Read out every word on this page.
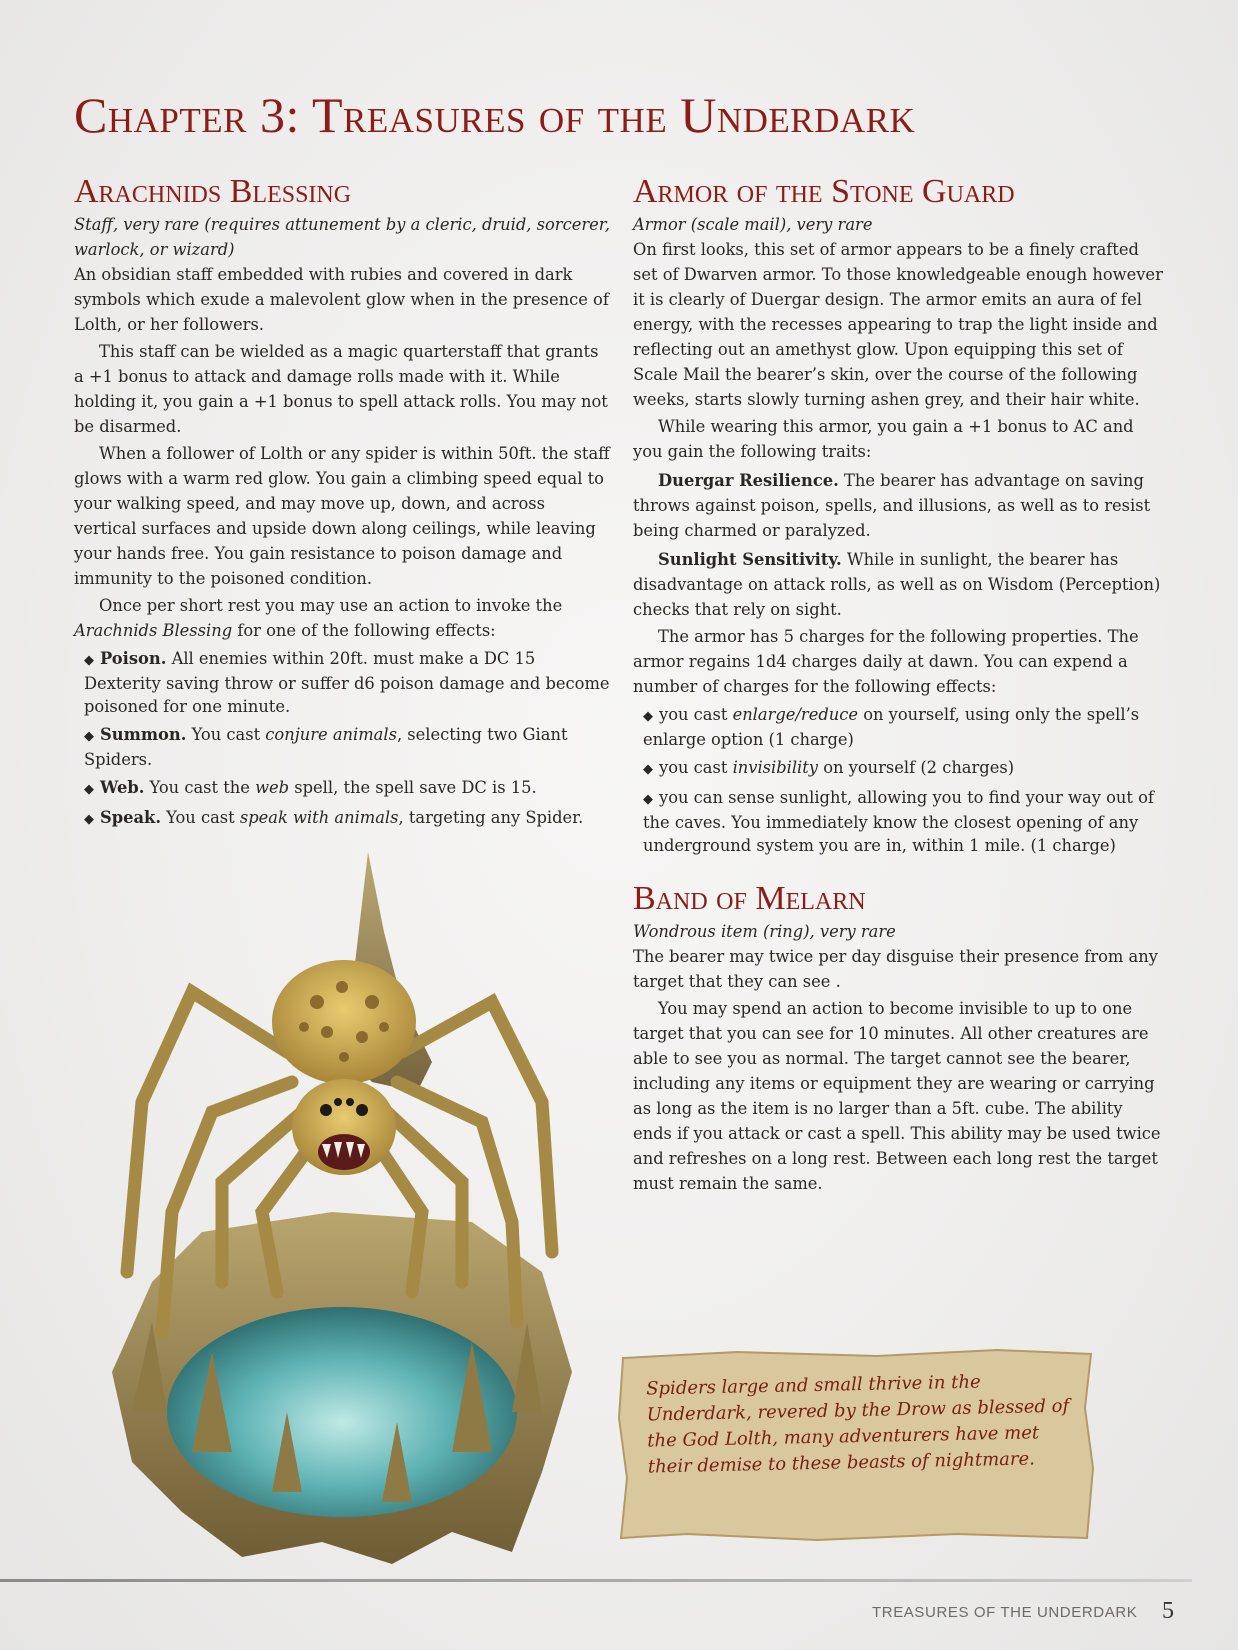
Chapter 3: Treasures of the Underdark
Arachnids Blessing

Staff, very rare (requires attunement by a cleric, druid, sorcerer, warlock, or wizard)

An obsidian staff embedded with rubies and covered in dark symbols which exude a malevolent glow when in the presence of Lolth, or her followers.

This staff can be wielded as a magic quarterstaff that grants a +1 bonus to attack and damage rolls made with it. While holding it, you gain a +1 bonus to spell attack rolls. You may not be disarmed.

When a follower of Lolth or any spider is within 50ft. the staff glows with a warm red glow. You gain a climbing speed equal to your walking speed, and may move up, down, and across vertical surfaces and upside down along ceilings, while leaving your hands free. You gain resistance to poison damage and immunity to the poisoned condition.

Once per short rest you may use an action to invoke the Arachnids Blessing for one of the following effects:

◆ Poison. All enemies within 20ft. must make a DC 15 Dexterity saving throw or suffer d6 poison damage and become poisoned for one minute.
◆ Summon. You cast conjure animals, selecting two Giant Spiders.
◆ Web. You cast the web spell, the spell save DC is 15.
◆ Speak. You cast speak with animals, targeting any Spider.
Armor of the Stone Guard

Armor (scale mail), very rare

On first looks, this set of armor appears to be a finely crafted set of Dwarven armor. To those knowledgeable enough however it is clearly of Duergar design. The armor emits an aura of fel energy, with the recesses appearing to trap the light inside and reflecting out an amethyst glow. Upon equipping this set of Scale Mail the bearer’s skin, over the course of the following weeks, starts slowly turning ashen grey, and their hair white.

While wearing this armor, you gain a +1 bonus to AC and you gain the following traits:

Duergar Resilience. The bearer has advantage on saving throws against poison, spells, and illusions, as well as to resist being charmed or paralyzed.

Sunlight Sensitivity. While in sunlight, the bearer has disadvantage on attack rolls, as well as on Wisdom (Perception) checks that rely on sight.

The armor has 5 charges for the following properties. The armor regains 1d4 charges daily at dawn. You can expend a number of charges for the following effects:

◆ you cast enlarge/reduce on yourself, using only the spell’s enlarge option (1 charge)
◆ you cast invisibility on yourself (2 charges)
◆ you can sense sunlight, allowing you to find your way out of the caves. You immediately know the closest opening of any underground system you are in, within 1 mile. (1 charge)
Band of Melarn

Wondrous item (ring), very rare

The bearer may twice per day disguise their presence from any target that they can see .

You may spend an action to become invisible to up to one target that you can see for 10 minutes. All other creatures are able to see you as normal. The target cannot see the bearer, including any items or equipment they are wearing or carrying as long as the item is no larger than a 5ft. cube. The ability ends if you attack or cast a spell. This ability may be used twice and refreshes on a long rest. Between each long rest the target must remain the same.

Spiders large and small thrive in the Underdark, revered by the Drow as blessed of the God Lolth, many adventurers have met their demise to these beasts of nightmare.
TREASURES OF THE UNDERDARK 5
